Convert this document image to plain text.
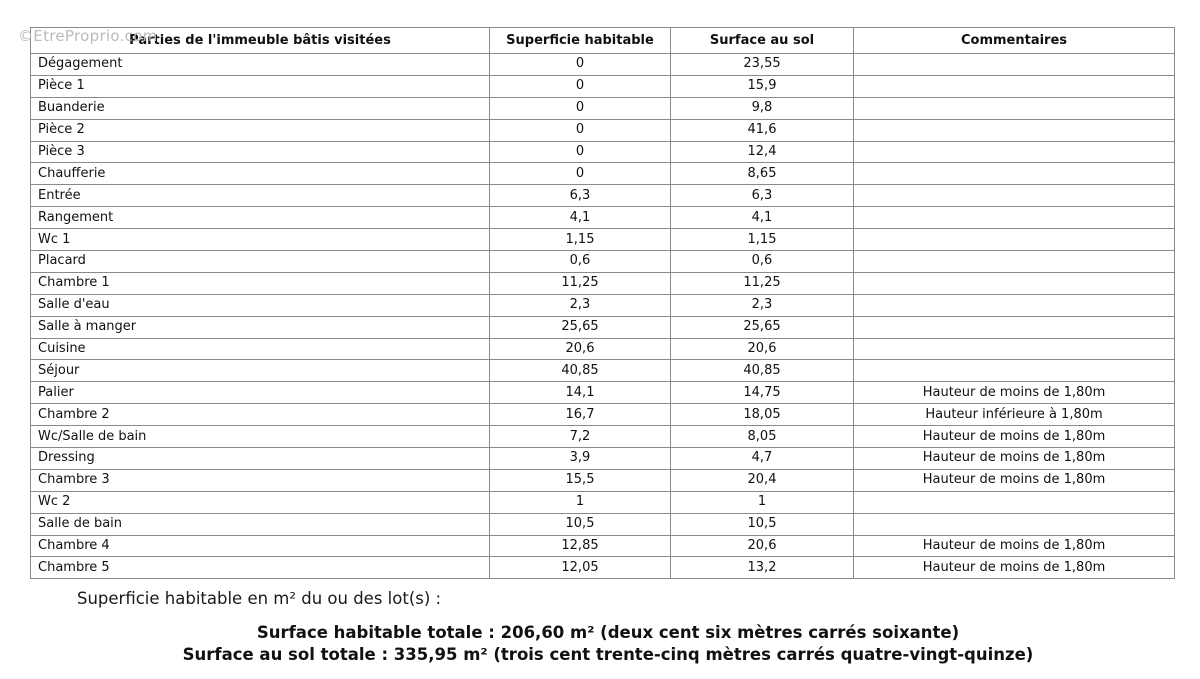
©EtreProprio.com
Parties de l'immeuble bâtis visitées	Superficie habitable	Surface au sol	Commentaires
Dégagement	0	23,55	
Pièce 1	0	15,9	
Buanderie	0	9,8	
Pièce 2	0	41,6	
Pièce 3	0	12,4	
Chaufferie	0	8,65	
Entrée	6,3	6,3	
Rangement	4,1	4,1	
Wc 1	1,15	1,15	
Placard	0,6	0,6	
Chambre 1	11,25	11,25	
Salle d'eau	2,3	2,3	
Salle à manger	25,65	25,65	
Cuisine	20,6	20,6	
Séjour	40,85	40,85	
Palier	14,1	14,75	Hauteur de moins de 1,80m
Chambre 2	16,7	18,05	Hauteur inférieure à 1,80m
Wc/Salle de bain	7,2	8,05	Hauteur de moins de 1,80m
Dressing	3,9	4,7	Hauteur de moins de 1,80m
Chambre 3	15,5	20,4	Hauteur de moins de 1,80m
Wc 2	1	1	
Salle de bain	10,5	10,5	
Chambre 4	12,85	20,6	Hauteur de moins de 1,80m
Chambre 5	12,05	13,2	Hauteur de moins de 1,80m
Superficie habitable en m² du ou des lot(s) :
Surface habitable totale : 206,60 m² (deux cent six mètres carrés soixante)
Surface au sol totale : 335,95 m² (trois cent trente-cinq mètres carrés quatre-vingt-quinze)
